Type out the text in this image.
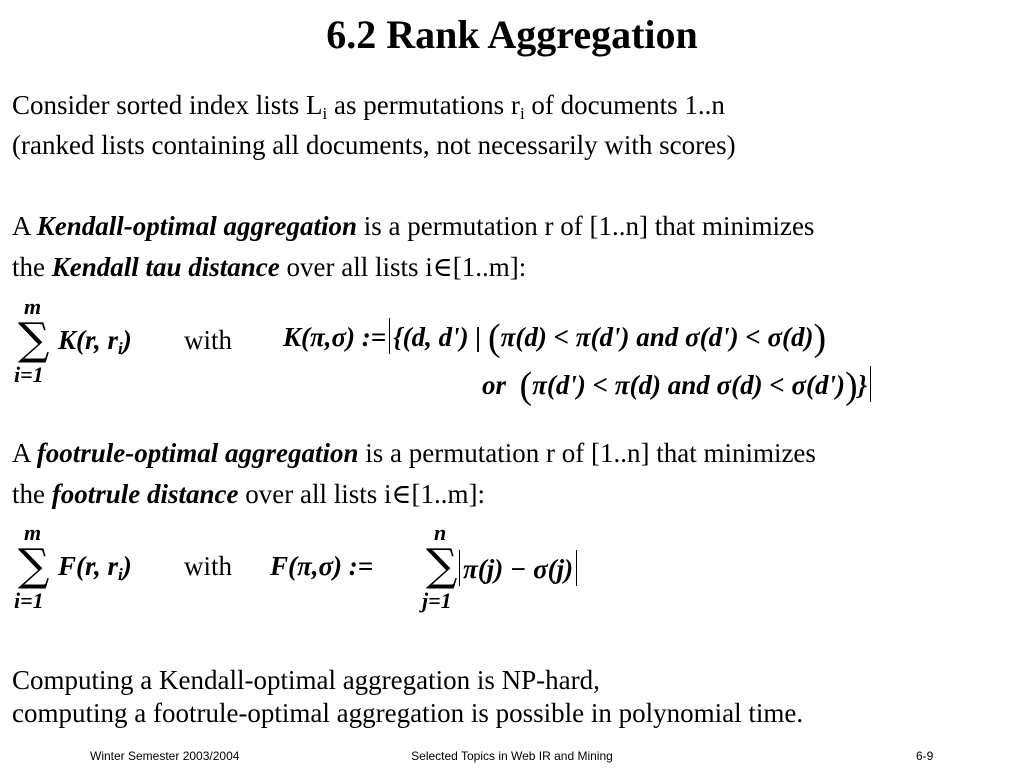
6.2 Rank Aggregation
Consider sorted index lists $L_i$ as permutations $r_i$ of documents 1..n
(ranked lists containing all documents, not necessarily with scores)
A Kendall-optimal aggregation is a permutation r of [1..n] that minimizes
the Kendall tau distance over all lists i∈[1..m]:
m
∑
i=1
K(r, $r_i$) with K(π,σ) := {(d, d') | (π(d) < π(d') and σ(d') < σ(d))
or (π(d') < π(d) and σ(d) < σ(d'))}
A footrule-optimal aggregation is a permutation r of [1..n] that minimizes
the footrule distance over all lists i∈[1..m]:
m
∑
i=1
F(r, $r_i$) with F(π,σ) :=
n
∑
j=1
π(j) − σ(j)
Computing a Kendall-optimal aggregation is NP-hard,
computing a footrule-optimal aggregation is possible in polynomial time.
Winter Semester 2003/2004	Selected Topics in Web IR and Mining	6-9
